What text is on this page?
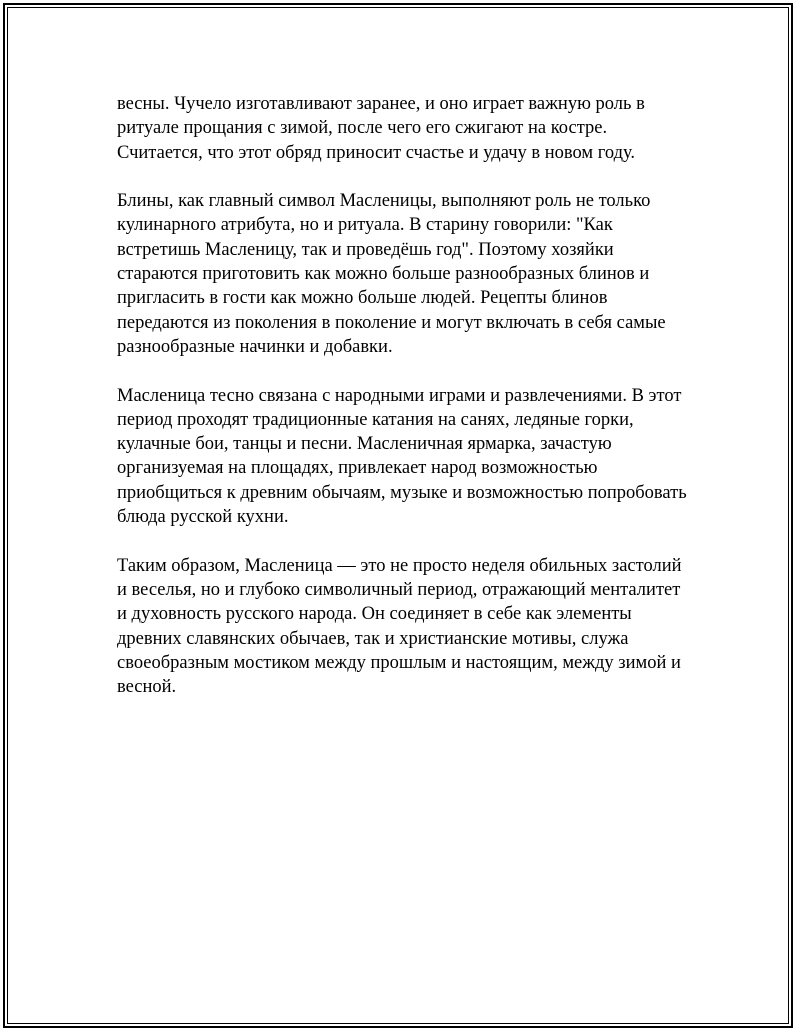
весны. Чучело изготавливают заранее, и оно играет важную роль в ритуале прощания с зимой, после чего его сжигают на костре. Считается, что этот обряд приносит счастье и удачу в новом году.

Блины, как главный символ Масленицы, выполняют роль не только кулинарного атрибута, но и ритуала. В старину говорили: "Как встретишь Масленицу, так и проведёшь год". Поэтому хозяйки стараются приготовить как можно больше разнообразных блинов и пригласить в гости как можно больше людей. Рецепты блинов передаются из поколения в поколение и могут включать в себя самые разнообразные начинки и добавки.

Масленица тесно связана с народными играми и развлечениями. В этот период проходят традиционные катания на санях, ледяные горки, кулачные бои, танцы и песни. Масленичная ярмарка, зачастую организуемая на площадях, привлекает народ возможностью приобщиться к древним обычаям, музыке и возможностью попробовать блюда русской кухни.

Таким образом, Масленица — это не просто неделя обильных застолий и веселья, но и глубоко символичный период, отражающий менталитет и духовность русского народа. Он соединяет в себе как элементы древних славянских обычаев, так и христианские мотивы, служа своеобразным мостиком между прошлым и настоящим, между зимой и весной.
